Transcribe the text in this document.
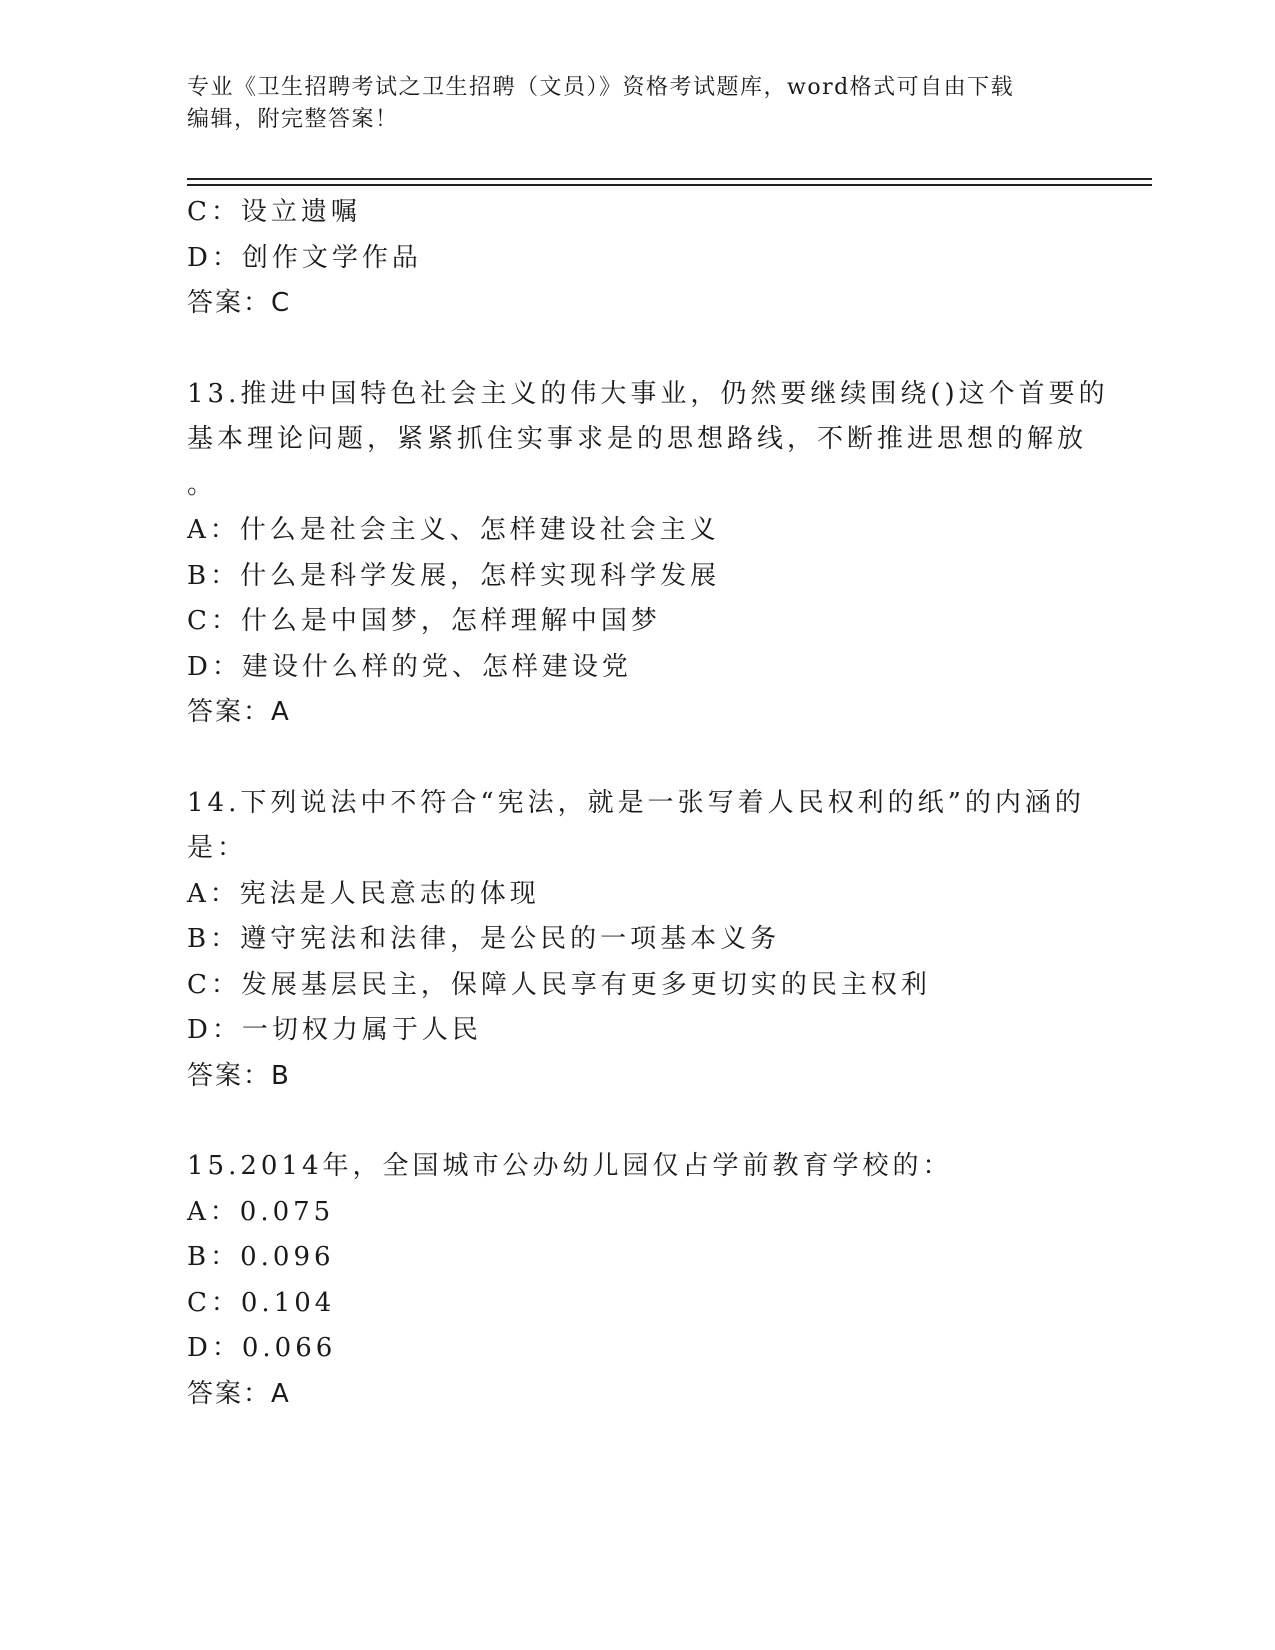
专业《卫生招聘考试之卫生招聘（文员）》资格考试题库，word格式可自由下载
编辑，附完整答案！
C：设立遗嘱
D：创作文学作品
答案：C
13.推进中国特色社会主义的伟大事业，仍然要继续围绕()这个首要的
基本理论问题，紧紧抓住实事求是的思想路线，不断推进思想的解放
。
A：什么是社会主义、怎样建设社会主义
B：什么是科学发展，怎样实现科学发展
C：什么是中国梦，怎样理解中国梦
D：建设什么样的党、怎样建设党
答案：A
14.下列说法中不符合“宪法，就是一张写着人民权利的纸”的内涵的
是：
A：宪法是人民意志的体现
B：遵守宪法和法律，是公民的一项基本义务
C：发展基层民主，保障人民享有更多更切实的民主权利
D：一切权力属于人民
答案：B
15.2014年，全国城市公办幼儿园仅占学前教育学校的：
A：0.075
B：0.096
C：0.104
D：0.066
答案：A
